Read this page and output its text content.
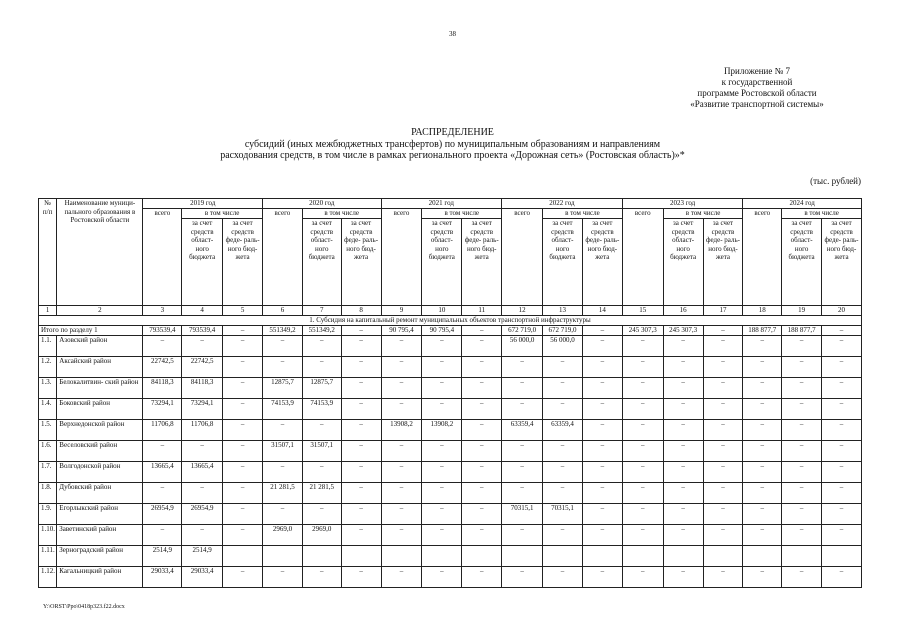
38
Приложение № 7
к государственной
программе Ростовской области
«Развитие транспортной системы»
РАСПРЕДЕЛЕНИЕ
субсидий (иных межбюджетных трансфертов) по муниципальным образованиям и направлениям
расходования средств, в том числе в рамках регионального проекта «Дорожная сеть» (Ростовская область)»*
(тыс. рублей)
№ п/п	Наименование муници- пального образования в Ростовской области	2019 год			2020 год			2021 год			2022 год			2023 год			2024 год		
		всего	в том числе		всего	в том числе		всего	в том числе		всего	в том числе		всего	в том числе		всего	в том числе	
			за счет средств област- ного бюджета	за счет средств феде- раль- ного бюд- жета		за счет средств област- ного бюджета	за счет средств феде- раль- ного бюд- жета		за счет средств област- ного бюджета	за счет средств феде- раль- ного бюд- жета		за счет средств област- ного бюджета	за счет средств феде- раль- ного бюд- жета		за счет средств област- ного бюджета	за счет средств феде- раль- ного бюд- жета		за счет средств област- ного бюджета	за счет средств феде- раль- ного бюд- жета
1	2	3	4	5	6	7	8	9	10	11	12	13	14	15	16	17	18	19	20
1. Субсидия на капитальный ремонт муниципальных объектов транспортной инфраструктуры																			
Итого по разделу 1		793539,4	793539,4	–	551349,2	551349,2	–	90 795,4	90 795,4	–	672 719,0	672 719,0	–	245 307,3	245 307,3	–	188 877,7	188 877,7	–
1.1.	Азовский район	–	–	–	–	–	–	–	–	–	56 000,0	56 000,0	–	–	–	–	–	–	–
1.2.	Аксайский район	22742,5	22742,5	–	–	–	–	–	–	–	–	–	–	–	–	–	–	–	–
1.3.	Белокалитвин- ский район	84118,3	84118,3	–	12875,7	12875,7	–	–	–	–	–	–	–	–	–	–	–	–	–
1.4.	Боковский район	73294,1	73294,1	–	74153,9	74153,9	–	–	–	–	–	–	–	–	–	–	–	–	–
1.5.	Верхнедонской район	11706,8	11706,8	–	–	–	–	13908,2	13908,2	–	63359,4	63359,4	–	–	–	–	–	–	–
1.6.	Веселовский район	–	–	–	31507,1	31507,1	–	–	–	–	–	–	–	–	–	–	–	–	–
1.7.	Волгодонской район	13665,4	13665,4	–	–	–	–	–	–	–	–	–	–	–	–	–	–	–	–
1.8.	Дубовский район	–	–	–	21 281,5	21 281,5	–	–	–	–	–	–	–	–	–	–	–	–	–
1.9.	Егорлыкский район	26954,9	26954,9	–	–	–	–	–	–	–	70315,1	70315,1	–	–	–	–	–	–	–
1.10.	Заветинский район	–	–	–	2969,0	2969,0	–	–	–	–	–	–	–	–	–	–	–	–	–
1.11.	Зерноградский район	2514,9	2514,9																
1.12.	Кагальницкий район	29033,4	29033,4	–	–	–	–	–	–	–	–	–	–	–	–	–	–	–	–
Y:\ORST\Ppo\0418p323.f22.docx
